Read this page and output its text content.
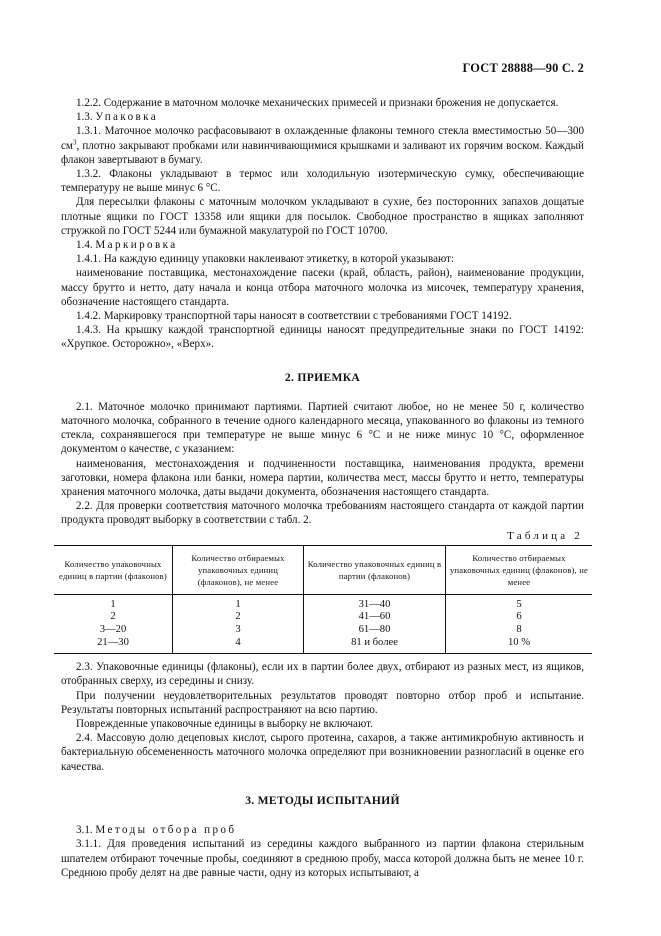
ГОСТ 28888—90 С. 2

1.2.2. Содержание в маточном молочке механических примесей и признаки брожения не допускается.

1.3. Упаковка

1.3.1. Маточное молочко расфасовывают в охлажденные флаконы темного стекла вместимостью 50—300 $см^3$, плотно закрывают пробками или навинчивающимися крышками и заливают их горячим воском. Каждый флакон завертывают в бумагу.

1.3.2. Флаконы укладывают в термос или холодильную изотермическую сумку, обеспечивающие температуру не выше минус 6 °С.

Для пересылки флаконы с маточным молочком укладывают в сухие, без посторонних запахов дощатые плотные ящики по ГОСТ 13358 или ящики для посылок. Свободное пространство в ящиках заполняют стружкой по ГОСТ 5244 или бумажной макулатурой по ГОСТ 10700.

1.4. Маркировка

1.4.1. На каждую единицу упаковки наклеивают этикетку, в которой указывают:

наименование поставщика, местонахождение пасеки (край, область, район), наименование продукции, массу брутто и нетто, дату начала и конца отбора маточного молочка из мисочек, температуру хранения, обозначение настоящего стандарта.

1.4.2. Маркировку транспортной тары наносят в соответствии с требованиями ГОСТ 14192.

1.4.3. На крышку каждой транспортной единицы наносят предупредительные знаки по ГОСТ 14192: «Хрупкое. Осторожно», «Верх».

2. ПРИЕМКА

2.1. Маточное молочко принимают партиями. Партией считают любое, но не менее 50 г, количество маточного молочка, собранного в течение одного календарного месяца, упакованного во флаконы из темного стекла, сохранявшегося при температуре не выше минус 6 °С и не ниже минус 10 °С, оформленное документом о качестве, с указанием:

наименования, местонахождения и подчиненности поставщика, наименования продукта, времени заготовки, номера флакона или банки, номера партии, количества мест, массы брутто и нетто, температуры хранения маточного молочка, даты выдачи документа, обозначения настоящего стандарта.

2.2. Для проверки соответствия маточного молочка требованиям настоящего стандарта от каждой партии продукта проводят выборку в соответствии с табл. 2.

Таблица 2
Количество упаковочных единиц в партии (флаконов)	Количество отбираемых упаковочных единиц (флаконов), не менее	Количество упаковочных единиц в партии (флаконов)	Количество отбираемых упаковочных единиц (флаконов), не менее
1	1	31—40	5
2	2	41—60	6
3—20	3	61—80	8
21—30	4	81 и более	10 %

2.3. Упаковочные единицы (флаконы), если их в партии более двух, отбирают из разных мест, из ящиков, отобранных сверху, из середины и снизу.

При получении неудовлетворительных результатов проводят повторно отбор проб и испытание. Результаты повторных испытаний распространяют на всю партию.

Поврежденные упаковочные единицы в выборку не включают.

2.4. Массовую долю децеповых кислот, сырого протеина, сахаров, а также антимикробную активность и бактериальную обсемененность маточного молочка определяют при возникновении разногласий в оценке его качества.

3. МЕТОДЫ ИСПЫТАНИЙ

3.1. Методы отбора проб

3.1.1. Для проведения испытаний из середины каждого выбранного из партии флакона стерильным шпателем отбирают точечные пробы, соединяют в среднюю пробу, масса которой должна быть не менее 10 г. Среднюю пробу делят на две равные части, одну из которых испытывают, а
